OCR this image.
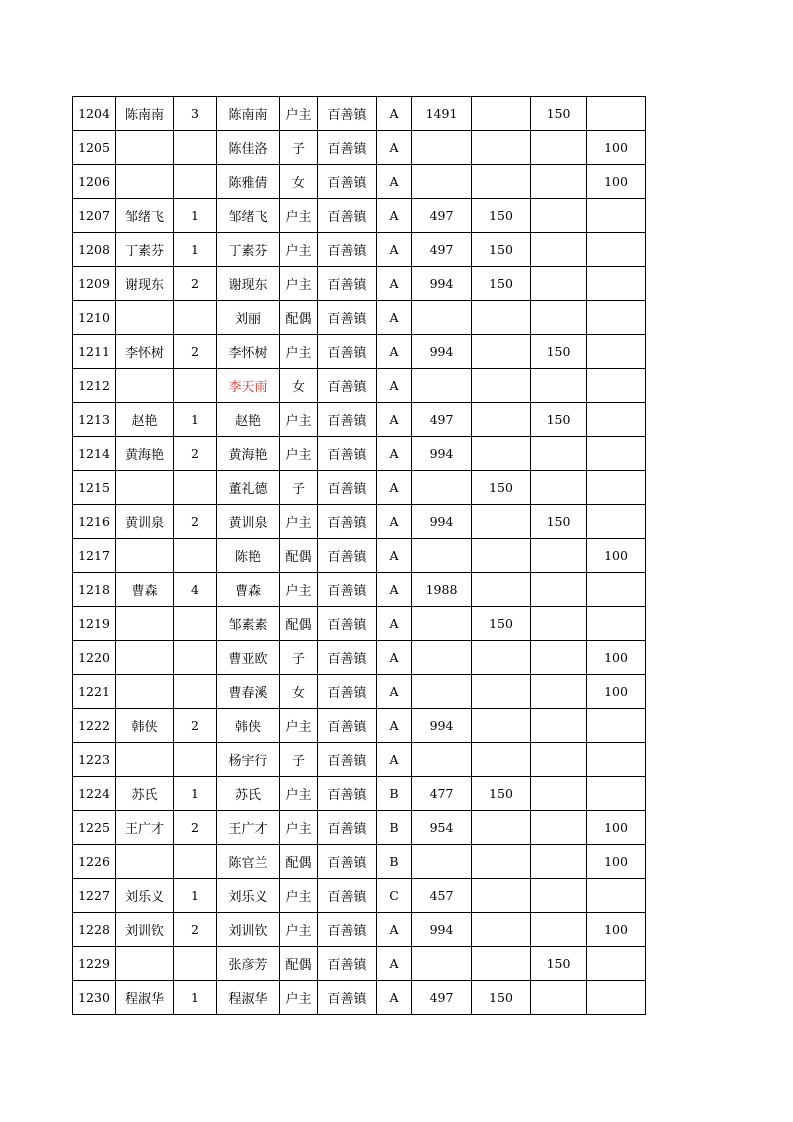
1204	陈南南	3	陈南南	户主	百善镇	A	1491		150	
1205			陈佳洛	子	百善镇	A				100
1206			陈雅倩	女	百善镇	A				100
1207	邹绪飞	1	邹绪飞	户主	百善镇	A	497	150		
1208	丁素芬	1	丁素芬	户主	百善镇	A	497	150		
1209	谢现东	2	谢现东	户主	百善镇	A	994	150		
1210			刘丽	配偶	百善镇	A				
1211	李怀树	2	李怀树	户主	百善镇	A	994		150	
1212			李天雨	女	百善镇	A				
1213	赵艳	1	赵艳	户主	百善镇	A	497		150	
1214	黄海艳	2	黄海艳	户主	百善镇	A	994			
1215			董礼德	子	百善镇	A		150		
1216	黄训泉	2	黄训泉	户主	百善镇	A	994		150	
1217			陈艳	配偶	百善镇	A				100
1218	曹森	4	曹森	户主	百善镇	A	1988			
1219			邹素素	配偶	百善镇	A		150		
1220			曹亚欧	子	百善镇	A				100
1221			曹春溪	女	百善镇	A				100
1222	韩侠	2	韩侠	户主	百善镇	A	994			
1223			杨宇行	子	百善镇	A				
1224	苏氏	1	苏氏	户主	百善镇	B	477	150		
1225	王广才	2	王广才	户主	百善镇	B	954			100
1226			陈官兰	配偶	百善镇	B				100
1227	刘乐义	1	刘乐义	户主	百善镇	C	457			
1228	刘训钦	2	刘训钦	户主	百善镇	A	994			100
1229			张彦芳	配偶	百善镇	A			150	
1230	程淑华	1	程淑华	户主	百善镇	A	497	150		
